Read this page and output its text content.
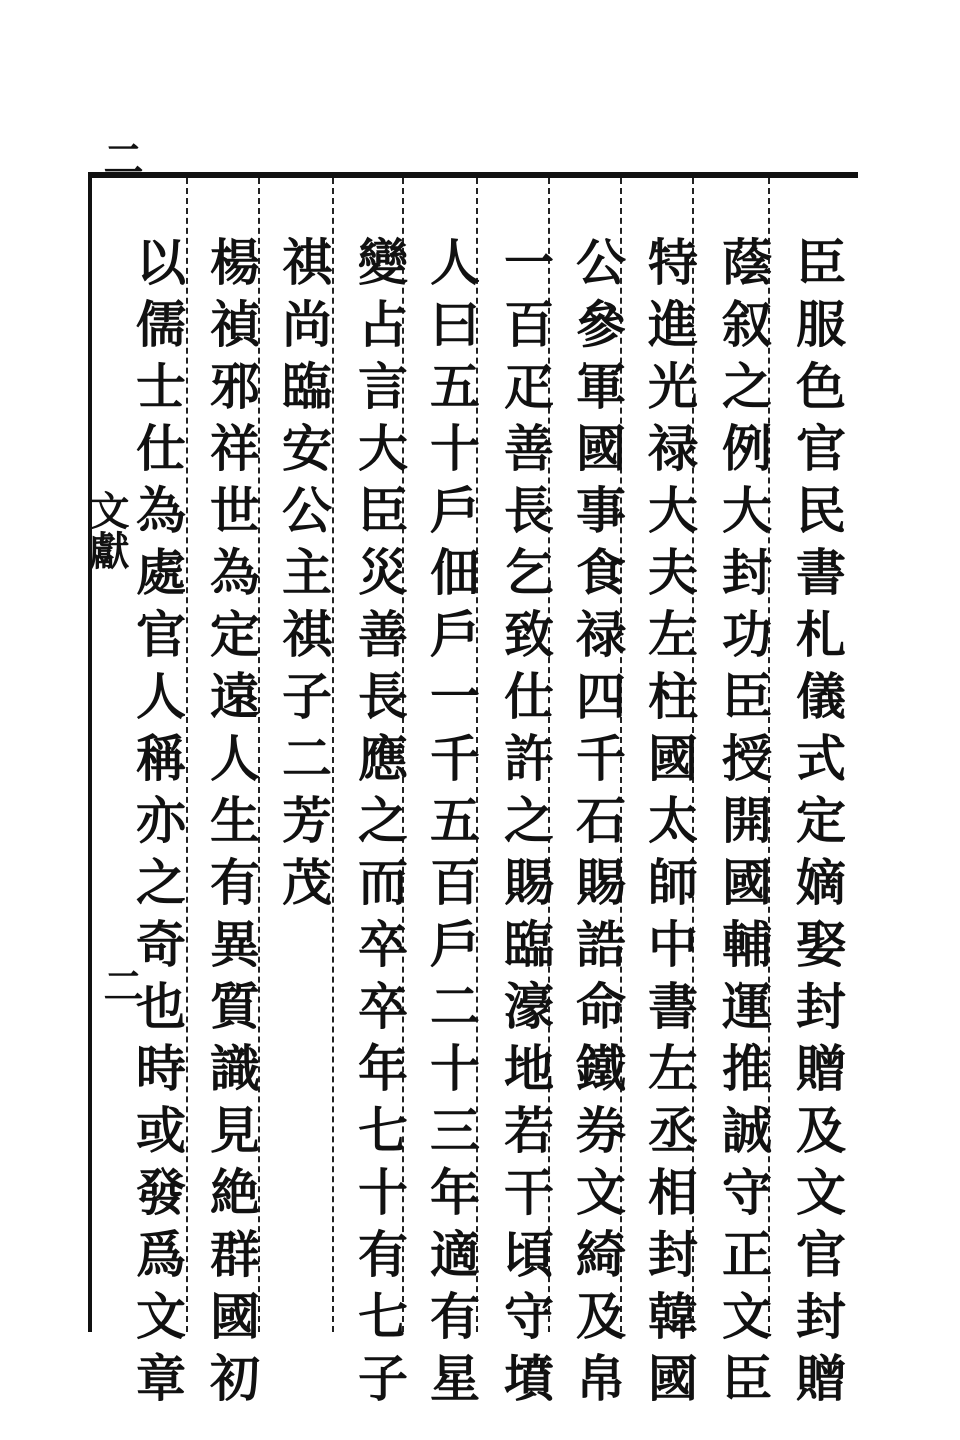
二
文獻
二
臣
服
色
官
民
書
札
儀
式
定
嫡
娶
封
贈
及
文
官
封
贈
蔭
叙
之
例
大
封
功
臣
授
開
國
輔
運
推
誠
守
正
文
臣
特
進
光
禄
大
夫
左
柱
國
太
師
中
書
左
丞
相
封
韓
國
公
參
軍
國
事
食
禄
四
千
石
賜
誥
命
鐵
券
文
綺
及
帛
一
百
疋
善
長
乞
致
仕
許
之
賜
臨
濠
地
若
干
頃
守
墳
人
曰
五
十
戶
佃
戶
一
千
五
百
戶
二
十
三
年
適
有
星
變
占
言
大
臣
災
善
長
應
之
而
卒
卒
年
七
十
有
七
子
祺
尚
臨
安
公
主
祺
子
二
芳
茂
楊
禎
邪
祥
世
為
定
遠
人
生
有
異
質
識
見
絶
群
國
初
以
儒
士
仕
為
處
官
人
稱
亦
之
奇
也
時
或
發
爲
文
章
